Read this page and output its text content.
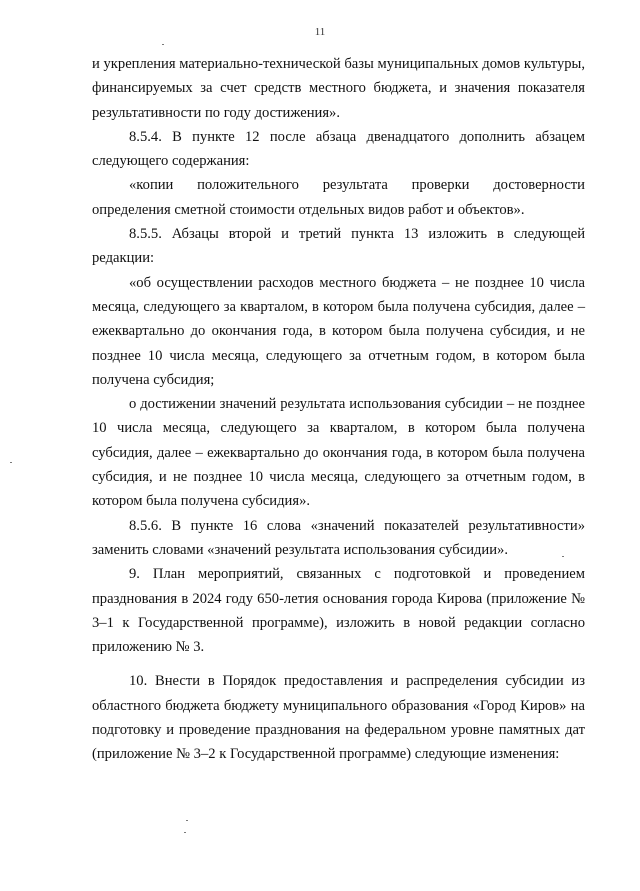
11

и укрепления материально-технической базы муниципальных домов культуры, финансируемых за счет средств местного бюджета, и значения показателя результативности по году достижения».

8.5.4. В пункте 12 после абзаца двенадцатого дополнить абзацем следующего содержания:

«копии положительного результата проверки достоверности определения сметной стоимости отдельных видов работ и объектов».

8.5.5. Абзацы второй и третий пункта 13 изложить в следующей редакции:

«об осуществлении расходов местного бюджета – не позднее 10 числа месяца, следующего за кварталом, в котором была получена субсидия, далее – ежеквартально до окончания года, в котором была получена субсидия, и не позднее 10 числа месяца, следующего за отчетным годом, в котором была получена субсидия;

о достижении значений результата использования субсидии – не позднее 10 числа месяца, следующего за кварталом, в котором была получена субсидия, далее – ежеквартально до окончания года, в котором была получена субсидия, и не позднее 10 числа месяца, следующего за отчетным годом, в котором была получена субсидия».

8.5.6. В пункте 16 слова «значений показателей результативности» заменить словами «значений результата использования субсидии».

9. План мероприятий, связанных с подготовкой и проведением празднования в 2024 году 650-летия основания города Кирова (приложение № 3–1 к Государственной программе), изложить в новой редакции согласно приложению № 3.

10. Внести в Порядок предоставления и распределения субсидии из областного бюджета бюджету муниципального образования «Город Киров» на подготовку и проведение празднования на федеральном уровне памятных дат (приложение № 3–2 к Государственной программе) следующие изменения:
